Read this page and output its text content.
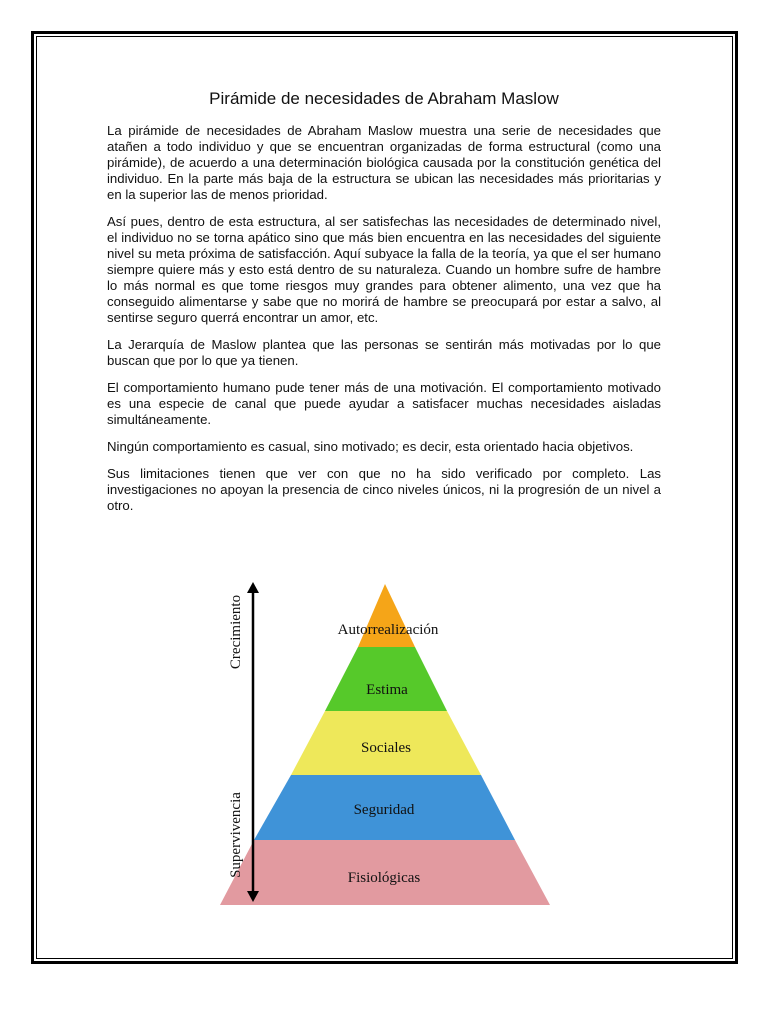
Pirámide de necesidades de Abraham Maslow

La pirámide de necesidades de Abraham Maslow muestra una serie de necesidades que atañen a todo individuo y que se encuentran organizadas de forma estructural (como una pirámide), de acuerdo a una determinación biológica causada por la constitución genética del individuo. En la parte más baja de la estructura se ubican las necesidades más prioritarias y en la superior las de menos prioridad.

Así pues, dentro de esta estructura, al ser satisfechas las necesidades de determinado nivel, el individuo no se torna apático sino que más bien encuentra en las necesidades del siguiente nivel su meta próxima de satisfacción. Aquí subyace la falla de la teoría, ya que el ser humano siempre quiere más y esto está dentro de su naturaleza. Cuando un hombre sufre de hambre lo más normal es que tome riesgos muy grandes para obtener alimento, una vez que ha conseguido alimentarse y sabe que no morirá de hambre se preocupará por estar a salvo, al sentirse seguro querrá encontrar un amor, etc.

La Jerarquía de Maslow plantea que las personas se sentirán más motivadas por lo que buscan que por lo que ya tienen.

El comportamiento humano pude tener más de una motivación. El comportamiento motivado es una especie de canal que puede ayudar a satisfacer muchas necesidades aisladas simultáneamente.

Ningún comportamiento es casual, sino motivado; es decir, esta orientado hacia objetivos.

Sus limitaciones tienen que ver con que no ha sido verificado por completo. Las investigaciones no apoyan la presencia de cinco niveles únicos, ni la progresión de un nivel a otro.

Autorrealización
Estima
Sociales
Seguridad
Fisiológicas
Crecimiento
Supervivencia
